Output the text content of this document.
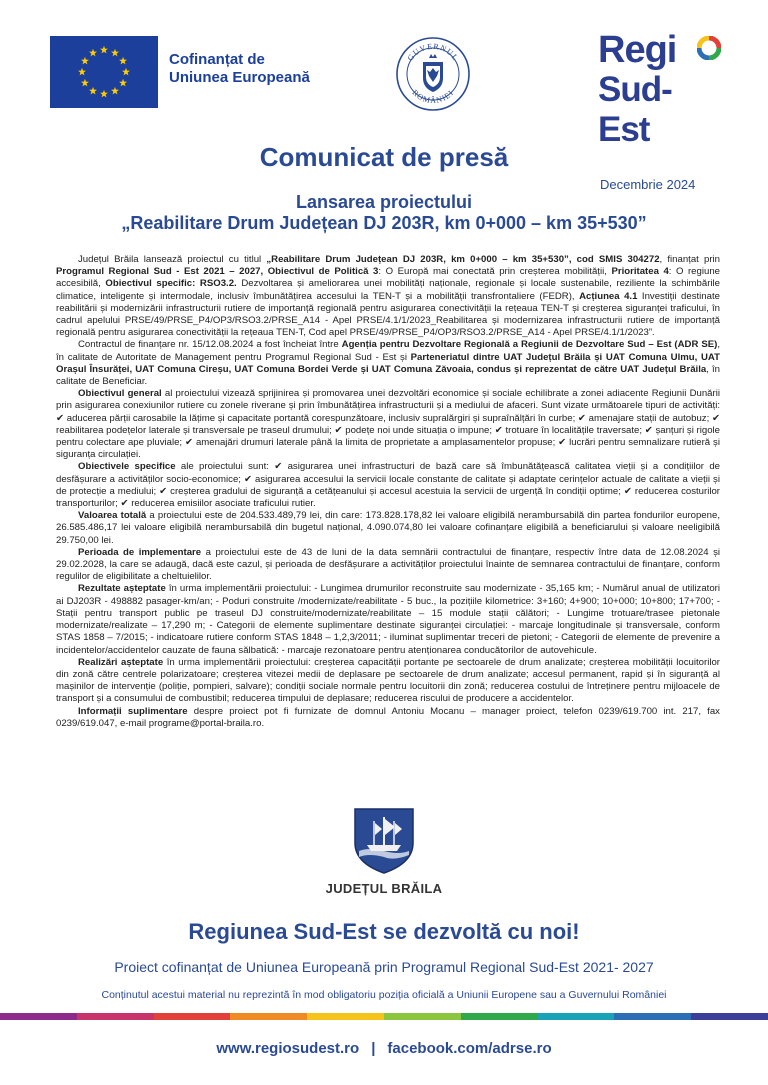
Cofinanțat de
Uniunea Europeană
GUVERNUL
ROMÂNIEI
Regi
Sud-Est
Comunicat de presă
Decembrie 2024
Lansarea proiectului
„Reabilitare Drum Județean DJ 203R, km 0+000 – km 35+530”

Județul Brăila lansează proiectul cu titlul „Reabilitare Drum Județean DJ 203R, km 0+000 – km 35+530”, cod SMIS 304272, finanțat prin Programul Regional Sud - Est 2021 – 2027, Obiectivul de Politică 3: O Europă mai conectată prin creșterea mobilității, Prioritatea 4: O regiune accesibilă, Obiectivul specific: RSO3.2. Dezvoltarea și ameliorarea unei mobilități naționale, regionale și locale sustenabile, reziliente la schimbările climatice, inteligente și intermodale, inclusiv îmbunătățirea accesului la TEN-T și a mobilității transfrontaliere (FEDR), Acțiunea 4.1 Investiții destinate reabilitării și modernizării infrastructurii rutiere de importanță regională pentru asigurarea conectivității la rețeaua TEN-T și creșterea siguranței traficului, în cadrul apelului PRSE/49/PRSE_P4/OP3/RSO3.2/PRSE_A14 - Apel PRSE/4.1/1/2023_Reabilitarea și modernizarea infrastructurii rutiere de importanță regională pentru asigurarea conectivității la rețeaua TEN-T, Cod apel PRSE/49/PRSE_P4/OP3/RSO3.2/PRSE_A14 - Apel PRSE/4.1/1/2023”.

Contractul de finanțare nr. 15/12.08.2024 a fost încheiat între Agenția pentru Dezvoltare Regională a Regiunii de Dezvoltare Sud – Est (ADR SE), în calitate de Autoritate de Management pentru Programul Regional Sud - Est și Parteneriatul dintre UAT Județul Brăila și UAT Comuna Ulmu, UAT Orașul Însurăței, UAT Comuna Cireșu, UAT Comuna Bordei Verde și UAT Comuna Zăvoaia, condus și reprezentat de către UAT Județul Brăila, în calitate de Beneficiar.

Obiectivul general al proiectului vizează sprijinirea și promovarea unei dezvoltări economice și sociale echilibrate a zonei adiacente Regiunii Dunării prin asigurarea conexiunilor rutiere cu zonele riverane și prin îmbunătățirea infrastructurii și a mediului de afaceri. Sunt vizate următoarele tipuri de activități: ✔ aducerea părții carosabile la lățime și capacitate portantă corespunzătoare, inclusiv supralărgiri și supraînălțări în curbe; ✔ amenajare stații de autobuz; ✔ reabilitarea podețelor laterale și transversale pe traseul drumului; ✔ podețe noi unde situația o impune; ✔ trotuare în localitățile traversate; ✔ șanțuri și rigole pentru colectare ape pluviale; ✔ amenajări drumuri laterale până la limita de proprietate a amplasamentelor propuse; ✔ lucrări pentru semnalizare rutieră și siguranța circulației.

Obiectivele specifice ale proiectului sunt: ✔ asigurarea unei infrastructuri de bază care să îmbunătățească calitatea vieții și a condițiilor de desfășurare a activităților socio-economice; ✔ asigurarea accesului la servicii locale constante de calitate și adaptate cerințelor actuale de calitate a vieții și de protecție a mediului; ✔ creșterea gradului de siguranță a cetățeanului și accesul acestuia la servicii de urgență în condiții optime; ✔ reducerea costurilor transporturilor; ✔ reducerea emisiilor asociate traficului rutier.

Valoarea totală a proiectului este de 204.533.489,79 lei, din care: 173.828.178,82 lei valoare eligibilă nerambursabilă din partea fondurilor europene, 26.585.486,17 lei valoare eligibilă nerambursabilă din bugetul național, 4.090.074,80 lei valoare cofinanțare eligibilă a beneficiarului și valoare neeligibilă 29.750,00 lei.

Perioada de implementare a proiectului este de 43 de luni de la data semnării contractului de finanțare, respectiv între data de 12.08.2024 și 29.02.2028, la care se adaugă, dacă este cazul, și perioada de desfășurare a activităților proiectului înainte de semnarea contractului de finanțare, conform regulilor de eligibilitate a cheltuielilor.

Rezultate așteptate în urma implementării proiectului: - Lungimea drumurilor reconstruite sau modernizate - 35,165 km; - Numărul anual de utilizatori ai DJ203R - 498882 pasager-km/an; - Poduri construite /modernizate/reabilitate - 5 buc., la pozițiile kilometrice: 3+160; 4+900; 10+000; 10+800; 17+700; - Stații pentru transport public pe traseul DJ construite/modernizate/reabilitate – 15 module stații călători; - Lungime trotuare/trasee pietonale modernizate/realizate – 17,290 m; - Categorii de elemente suplimentare destinate siguranței circulației: - marcaje longitudinale și transversale, conform STAS 1858 – 7/2015; - indicatoare rutiere conform STAS 1848 – 1,2,3/2011; - iluminat suplimentar treceri de pietoni; - Categorii de elemente de prevenire a incidentelor/accidentelor cauzate de fauna sălbatică: - marcaje rezonatoare pentru atenționarea conducătorilor de autovehicule.

Realizări așteptate în urma implementării proiectului: creșterea capacității portante pe sectoarele de drum analizate; creșterea mobilității locuitorilor din zonă către centrele polarizatoare; creșterea vitezei medii de deplasare pe sectoarele de drum analizate; accesul permanent, rapid și în siguranță al mașinilor de intervenție (poliție, pompieri, salvare); condiții sociale normale pentru locuitorii din zonă; reducerea costului de întreținere pentru mijloacele de transport și a consumului de combustibil; reducerea timpului de deplasare; reducerea riscului de producere a accidentelor.

Informații suplimentare despre proiect pot fi furnizate de domnul Antoniu Mocanu – manager proiect, telefon 0239/619.700 int. 217, fax 0239/619.047, e-mail programe@portal-braila.ro.

JUDEȚUL BRĂILA
Regiunea Sud-Est se dezvoltă cu noi!
Proiect cofinanțat de Uniunea Europeană prin Programul Regional Sud-Est 2021- 2027
Conținutul acestui material nu reprezintă în mod obligatoriu poziția oficială a Uniunii Europene sau a Guvernului României
www.regiosudest.ro | facebook.com/adrse.ro
